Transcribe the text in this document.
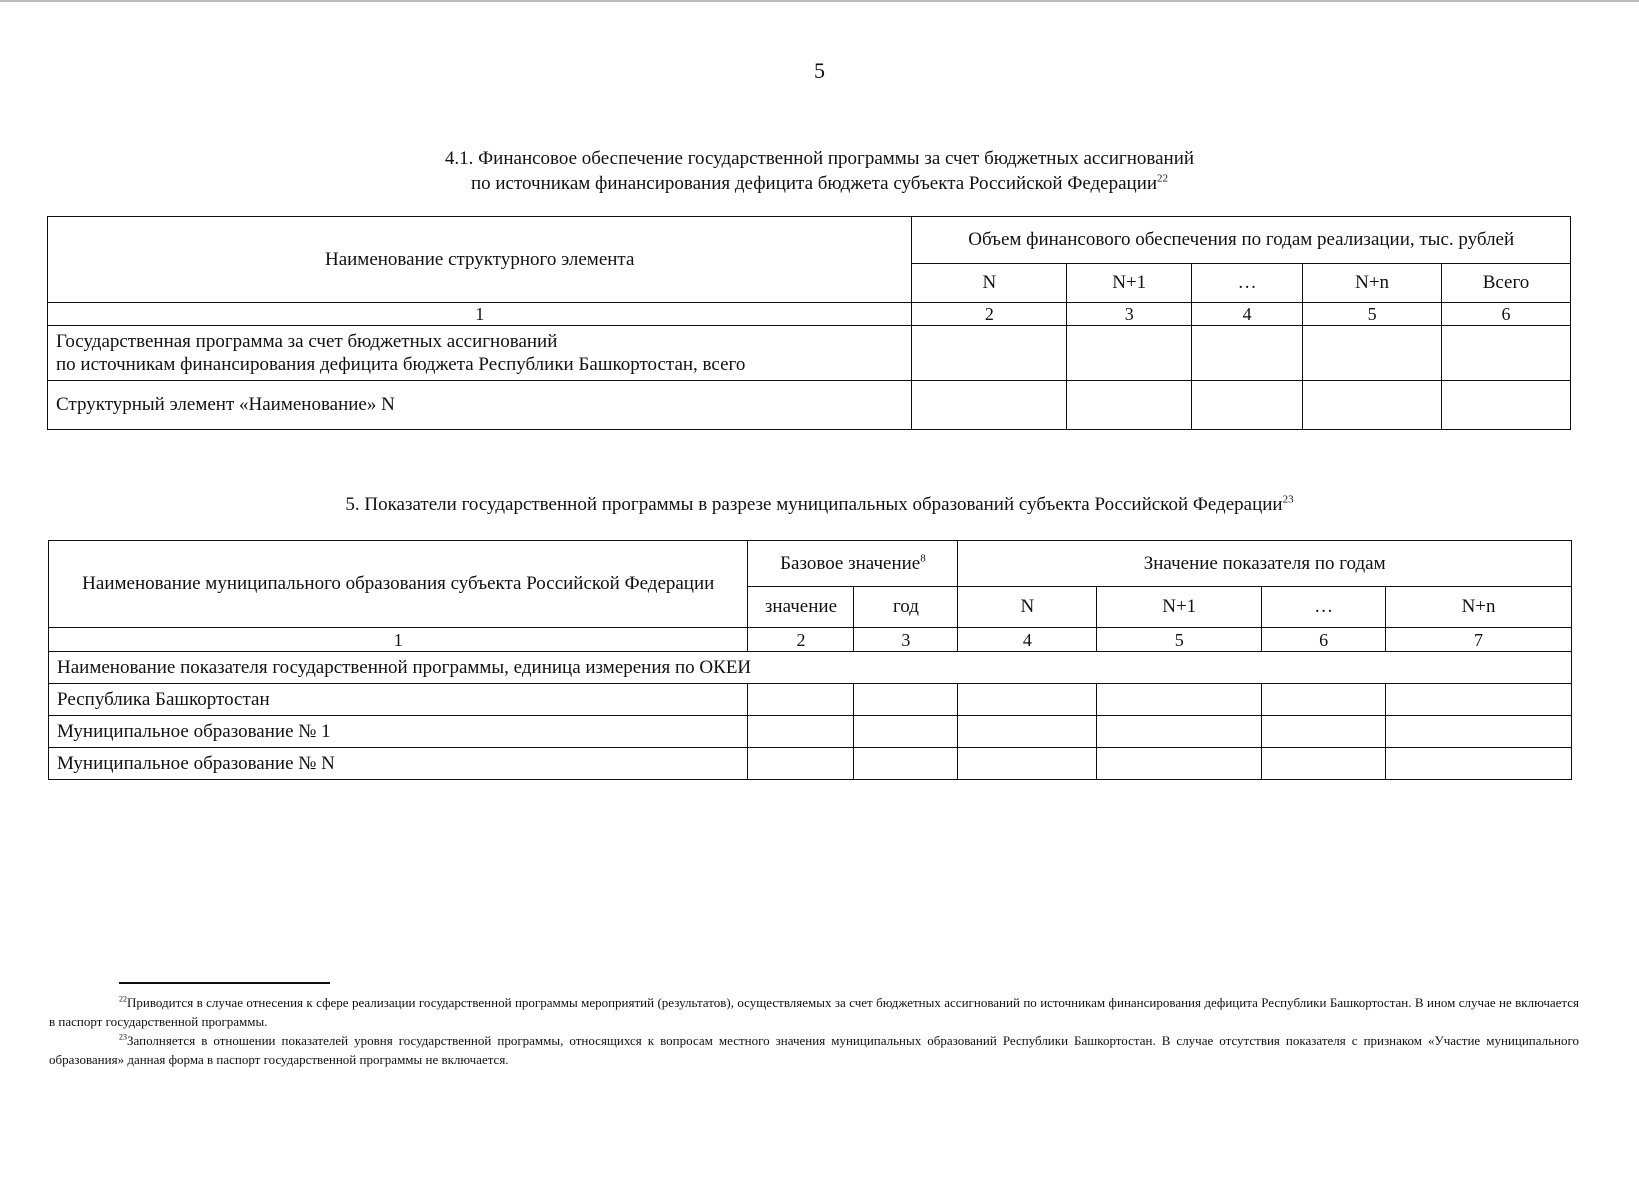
5
4.1. Финансовое обеспечение государственной программы за счет бюджетных ассигнований
по источникам финансирования дефицита бюджета субъекта Российской Федерации$^{22}$
Наименование структурного элемента	Объем финансового обеспечения по годам реализации, тыс. рублей				
	N	N+1	…	N+n	Всего
1	2	3	4	5	6

Государственная программа за счет бюджетных ассигнований
по источникам финансирования дефицита бюджета Республики Башкортостан, всего					

Структурный элемент «Наименование» N					
5. Показатели государственной программы в разрезе муниципальных образований субъекта Российской Федерации$^{23}$
Наименование муниципального образования субъекта Российской Федерации	Базовое значение$^8$		Значение показателя по годам			
	значение	год	N	N+1	…	N+n
1	2	3	4	5	6	7
Наименование показателя государственной программы, единица измерения по ОКЕИ						
Республика Башкортостан						
Муниципальное образование № 1						
Муниципальное образование № N						

$^{22}$Приводится в случае отнесения к сфере реализации государственной программы мероприятий (результатов), осуществляемых за счет бюджетных ассигнований по источникам финансирования дефицита Республики Башкортостан. В ином случае не включается в паспорт государственной программы.

$^{23}$Заполняется в отношении показателей уровня государственной программы, относящихся к вопросам местного значения муниципальных образований Республики Башкортостан. В случае отсутствия показателя с признаком «Участие муниципального образования» данная форма в паспорт государственной программы не включается.
